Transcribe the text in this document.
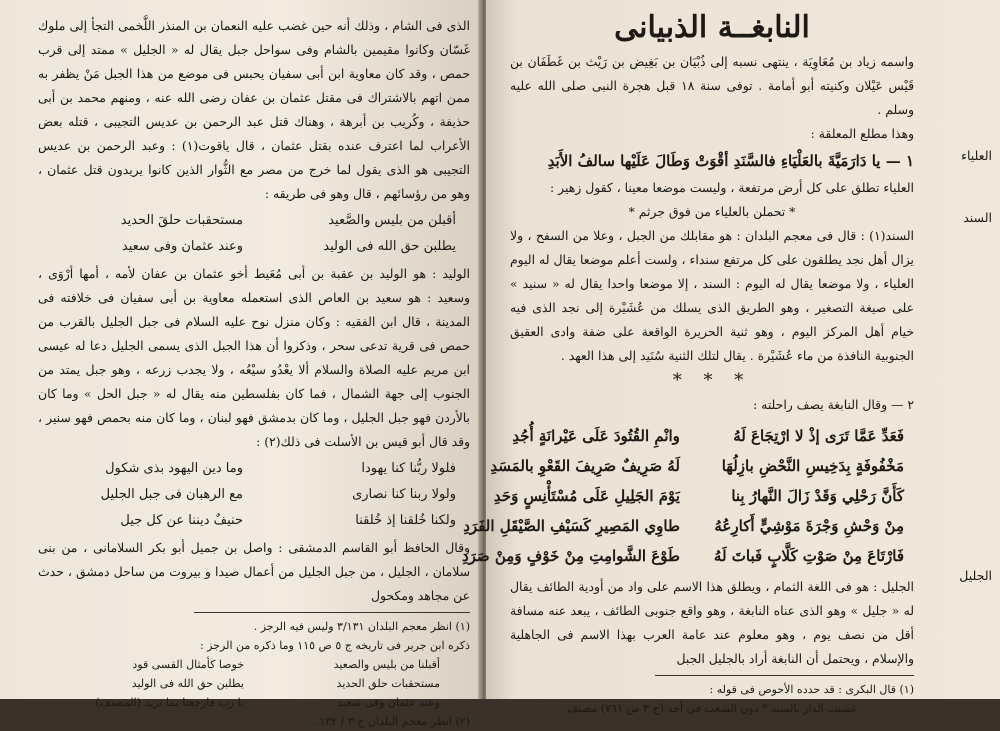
الذى فى الشام ، وذلك أنه حين غضب عليه النعمان بن المنذر اللَّخمى التجأ إلى ملوك غَسّان وكانوا مقيمين بالشام وفى سواحل جبل يقال له « الجليل » ممتد إلى قرب حمص ، وقد كان معاوية ابن أبى سفيان يحبس فى موضع من هذا الجبل مَنْ يظفر به ممن اتهم بالاشتراك فى مقتل عثمان بن عفان رضى الله عنه ، ومنهم محمد بن أبى حذيفة ، وكُريب بن أبرهة ، وهناك قتل عبد الرحمن بن عديس التجيبى ، قتله بعض الأعراب لما اعترف عنده بقتل عثمان ، قال ياقوت(١) : وعبد الرحمن بن عديس التجيبى هو الذى يقول لما خرج من مصر مع الثُّوار الذين كانوا يريدون قتل عثمان ، وهو من رؤسائهم ، قال وهو فى طريقه :

أقبلن من بليس والصَّعيد
مستحقبات حلقَ الحديد
يطلبن حق الله فى الوليد
وعند عثمان وفى سعيد

الوليد : هو الوليد بن عقبة بن أبى مُعَيط أخو عثمان بن عفان لأمه ، أمها أرْوَى ، وسعيد : هو سعيد بن العاص الذى استعمله معاوية بن أبى سفيان فى خلافته فى المدينة ، قال ابن الفقيه : وكان منزل نوح عليه السلام فى جبل الجليل بالقرب من حمص فى قرية تدعى سحر ، وذكروا أن هذا الجبل الذى يسمى الجليل دعا له عيسى ابن مريم عليه الصلاة والسلام ألا يعْدُو سيْعُه ، ولا يجدب زرعه ، وهو جبل يمتد من الجنوب إلى جهة الشمال ، فما كان بفلسطين منه يقال له « جبل الحل » وما كان بالأردن فهو جبل الجليل ، وما كان بدمشق فهو لبنان ، وما كان منه بحمص فهو سنير ، وقد قال أبو قيس بن الأسلت فى ذلك(٢) :

فلولا ربُّنا كنا يهودا
وما دين اليهود بذى شكول
ولولا ربنا كنا نصارى
مع الرهبان فى جبل الجليل
ولكنا خُلقنا إذ خُلقنا
حنيفٌ ديننا عن كل جيل

وقال الحافظ أبو القاسم الدمشقى : واصل بن جميل أبو بكر السلامانى ، من بنى سلامان ، الجليل ، من جبل الجليل من أعمال صيدا و بيروت من ساحل دمشق ، حدث عن مجاهد ومكحول

(١) انظر معجم البلدان ٣/١٣١ وليس فيه الرجز .

ذكره ابن جرير فى تاريخه ج ٥ ص ١١٥ وما ذكره من الرجز :

أقبلنا من بليس والصعيد
خوصا كأمثال القسى قود
مستحقبات حلق الحديد
يطلبن حق الله فى الوليد
وعند عثمان وفى سعيد
يا رب فارجعنا بما تريد (المصنف)

(٢) انظر معجم البلدان ج ٣ / ١٣٢ .

النابغــة الذبيانى

واسمه زياد بن مُعَاوِيَة ، ينتهى نسبه إلى ذُبْيَان بن بَغِيض بن رَيْث بن غَطَفَان بن قَيْس عَيْلان وكنيته أبو أمامة . توفى سنة ١٨ قبل هجرة النبى صلى الله عليه وسلم .

وهذا مطلع المعلقة :

١ — يا دَارَمَيَّةَ بالعَلْيَاءِ فالسَّنَدِ أقْوَتْ وَطَالَ عَلَيْها سالفُ الأَبَدِ

العلياء تطلق على كل أرض مرتفعة ، وليست موضعا معينا ، كقول زهير :

* تحملن بالعلياء من فوق جرثم *

السند(١) : قال فى معجم البلدان : هو مقابلك من الجبل ، وعلا من السفح ، ولا يزال أهل نجد يطلقون على كل مرتفع سنداء ، ولست أعلم موضعا يقال له اليوم العلياء ، ولا موضعا يقال له اليوم : السند ، إلا موضعا واحدا يقال له « سنيد » على صيغة التصغير ، وهو الطريق الذى يسلك من عُشَيْرة إلى نجد الذى فيه خيام أهل المركز اليوم ، وهو ثنية الحريرة الواقعة على ضفة وادى العقيق الجنوبية النافذة من ماء عُشَيْرة . يقال لتلك الثنية سُنَيد إلى هذا العهد .

* * *

٢ — وقال النابغة يصف راحلته :

فَعَدِّ عَمَّا تَرَى إذْ لا ارْتِجَاعَ لَهُ
وانْمِ القُتُودَ عَلَى عَيْرانَةٍ أُجُدِ
مَخْفُوفَةٍ بِدَخِيسِ النَّحْضِ بازِلُهَا
لَهُ صَرِيفٌ صَرِيفَ القَعْوِ بالمَسَدِ
كَأَنَّ رَحْلِي وَقَدْ زَالَ النَّهارُ بِنا
يَوْمَ الجَلِيلِ عَلَى مُسْتَأْنِسٍ وَحَدِ
مِنْ وَحْشِ وَجْرَةَ مَوْشِيٍّ أَكارِعُهُ
طاوِي المَصِيرِ كَسَيْفِ الصَّيْقَلِ الفَرَدِ
فَارْتَاعَ مِنْ صَوْتِ كَلَّابٍ فَباتَ لَهُ
طَوْعَ الشَّوامِتِ مِنْ خَوْفٍ وَمِنْ صَرَدِ

الجليل : هو فى اللغة الثمام ، ويطلق هذا الاسم على واد من أودية الطائف يقال له « جليل » وهو الذى عناه النابغة ، وهو واقع جنوبى الطائف ، يبعد عنه مسافة أقل من نصف يوم ، وهو معلوم عند عامة العرب بهذا الاسم فى الجاهلية والإسلام ، ويحتمل أن النابغة أراد بالجليل الجبل

(١) قال البكرى : قد حدده الأحوص فى قوله :

غشيت الدار بالسند * دون الشعب فى أحد (ج ٣ ص ٧٦١) مصنف

العلياء
السند
الجليل
